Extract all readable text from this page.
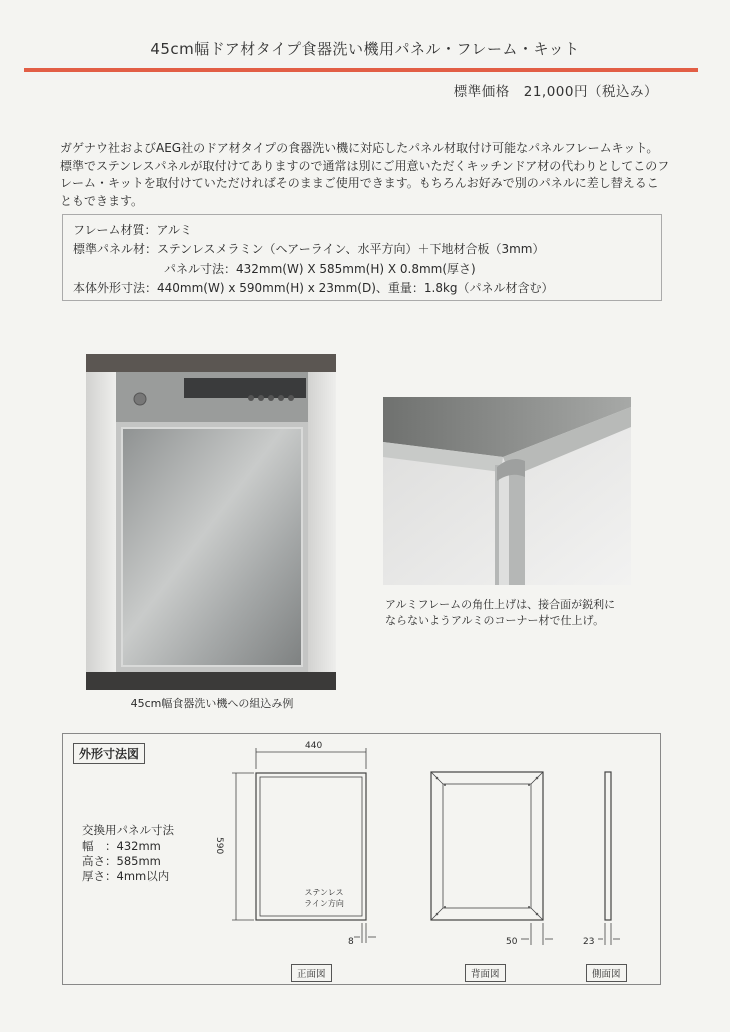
45cm幅ドア材タイプ食器洗い機用パネル・フレーム・キット
標準価格　21,000円（税込み）
ガゲナウ社およびAEG社のドア材タイプの食器洗い機に対応したパネル材取付け可能なパネルフレームキット。標準でステンレスパネルが取付けてありますので通常は別にご用意いただくキッチンドア材の代わりとしてこのフレーム・キットを取付けていただければそのままご使用できます。もちろんお好みで別のパネルに差し替えることもできます。
フレーム材質：アルミ
標準パネル材：ステンレスメラミン（ヘアーライン、水平方向）＋下地材合板（3mm）
パネル寸法：432mm(W) X 585mm(H) X 0.8mm(厚さ)
本体外形寸法：440mm(W) x 590mm(H) x 23mm(D)、重量：1.8kg（パネル材含む）
45cm幅食器洗い機への組込み例
アルミフレームの角仕上げは、接合面が鋭利に
ならないようアルミのコーナー材で仕上げ。
外形寸法図
交換用パネル寸法
幅　：432mm
高さ：585mm
厚さ：4mm以内
440
590
ステンレス
ライン方向
8	50	23
正面図	背面図	側面図
